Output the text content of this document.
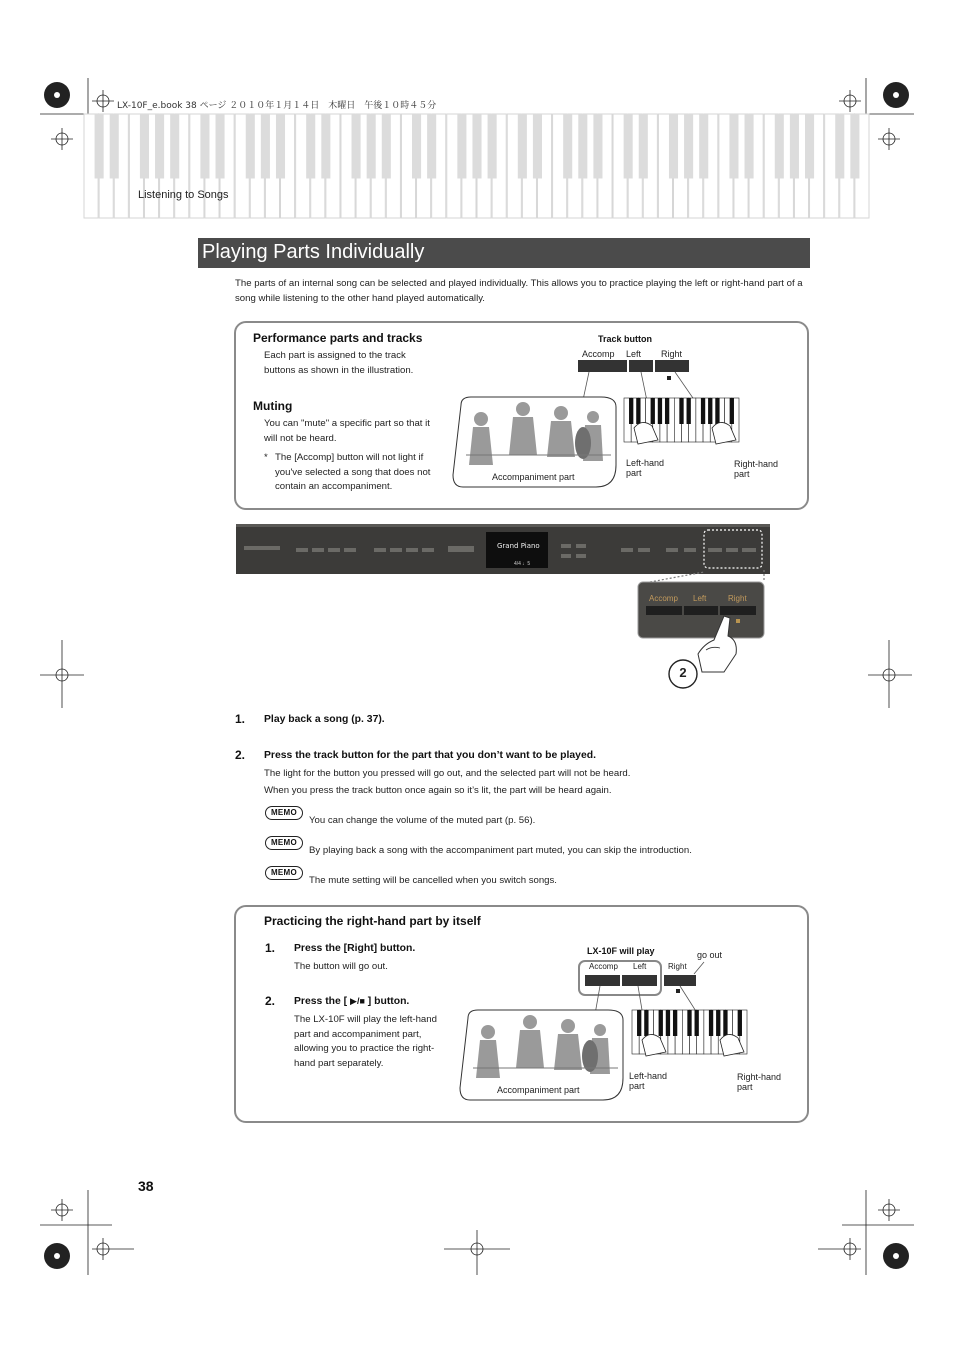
LX-10F_e.book 38 ページ ２０１０年１月１４日　木曜日　午後１０時４５分
Listening to Songs
Playing Parts Individually
The parts of an internal song can be selected and played individually. This allows you to practice playing the left or right-hand part of a song while listening to the other hand played automatically.
Performance parts and tracks
Each part is assigned to the track buttons as shown in the illustration.
Muting
You can "mute" a specific part so that it will not be heard.
* The [Accomp] button will not light if you've selected a song that does not contain an accompaniment.
Track button
Accomp Left Right
Accompaniment part
Left-hand part
Right-hand part
Grand Piano
4/4 ♩5
Accomp Left	Right
2
1. Play back a song (p. 37).
2. Press the track button for the part that you don’t want to be played.
The light for the button you pressed will go out, and the selected part will not be heard.
When you press the track button once again so it’s lit, the part will be heard again.
MEMO
You can change the volume of the muted part (p. 56).
MEMO
By playing back a song with the accompaniment part muted, you can skip the introduction.
MEMO
The mute setting will be cancelled when you switch songs.
Practicing the right-hand part by itself
1. Press the [Right] button.
The button will go out.
2. Press the [ ▶/■ ] button.
The LX-10F will play the left-hand part and accompaniment part, allowing you to practice the right-hand part separately.
LX-10F will play	go out
Accomp Left	Right
Accompaniment part
Left-hand part
Right-hand part
38
